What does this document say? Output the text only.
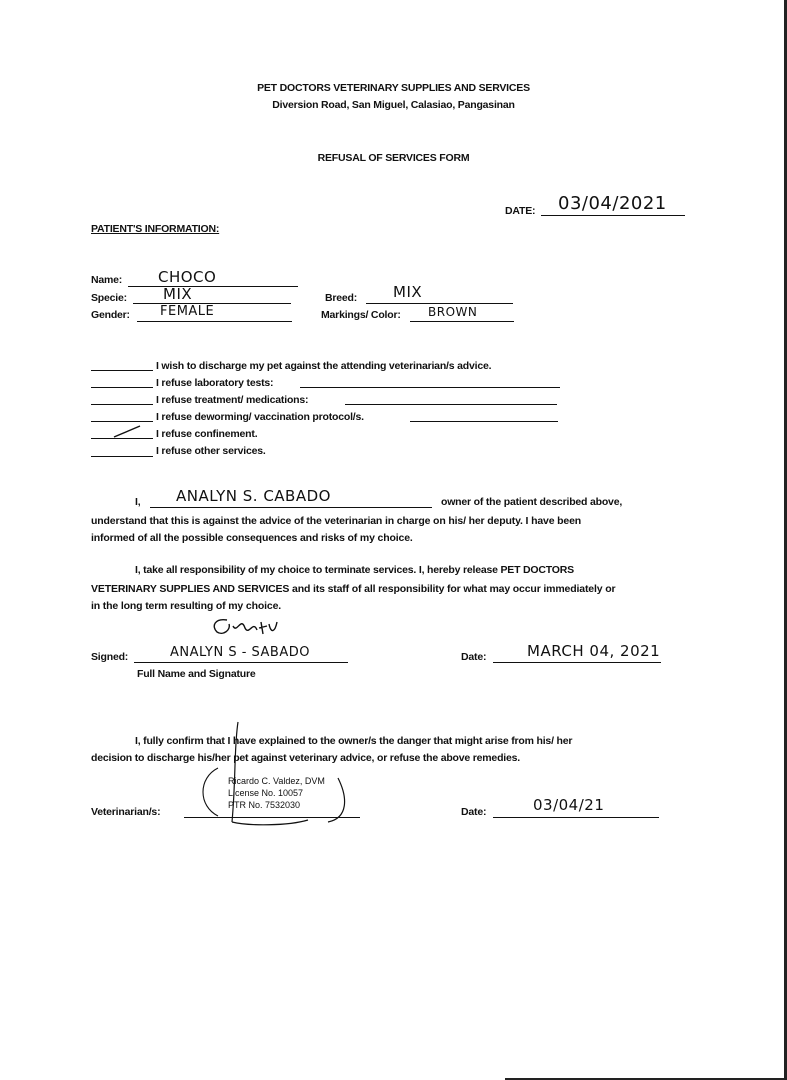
PET DOCTORS VETERINARY SUPPLIES AND SERVICES
Diversion Road, San Miguel, Calasiao, Pangasinan
REFUSAL OF SERVICES FORM
DATE: 03/04/2021
PATIENT'S INFORMATION:
Name: CHOCO
Specie: MIX
Gender: FEMALE
Breed: MIX
Markings/ Color: BROWN
I wish to discharge my pet against the attending veterinarian/s advice.
I refuse laboratory tests:
I refuse treatment/ medications:
I refuse deworming/ vaccination protocol/s.
I refuse confinement.
I refuse other services.
I, ANALYN S. CABADO	owner of the patient described above,
understand that this is against the advice of the veterinarian in charge on his/ her deputy. I have been
informed of all the possible consequences and risks of my choice.
I, take all responsibility of my choice to terminate services. I, hereby release PET DOCTORS
VETERINARY SUPPLIES AND SERVICES and its staff of all responsibility for what may occur immediately or
in the long term resulting of my choice.
Signed:	ANALYN S - SABADO
Full Name and Signature
Date:	MARCH 04, 2021
I, fully confirm that I have explained to the owner/s the danger that might arise from his/ her
decision to discharge his/her pet against veterinary advice, or refuse the above remedies.
Ricardo C. Valdez, DVM
License No. 10057
PTR No. 7532030
Veterinarian/s:	Date:	03/04/21
